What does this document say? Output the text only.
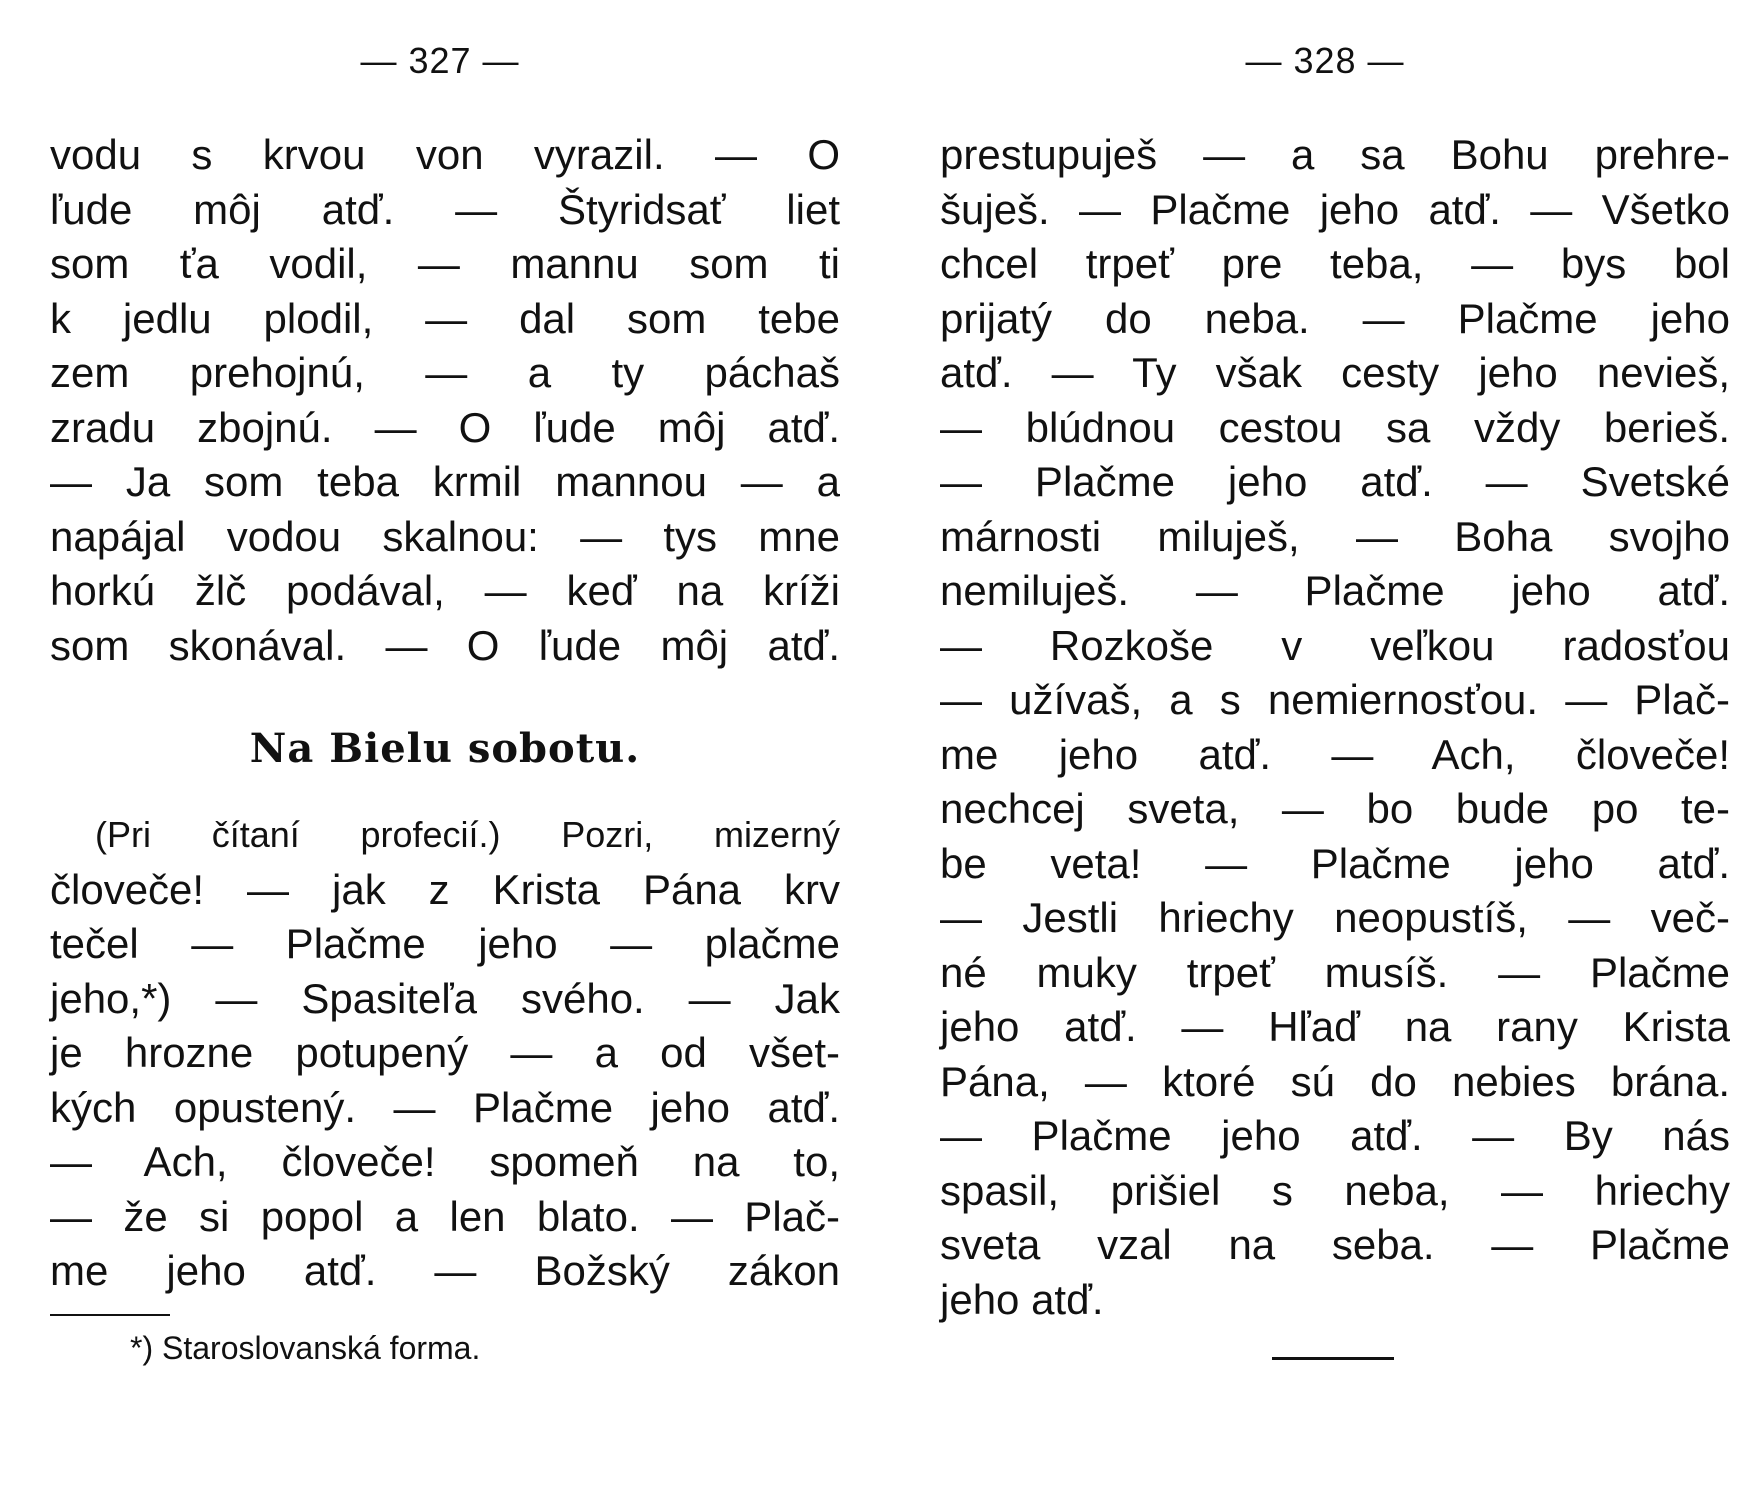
— 327 —
vodu s krvou von vyrazil. — O
ľude môj atď. — Štyridsať liet
som ťa vodil, — mannu som ti
k jedlu plodil, — dal som tebe
zem prehojnú, — a ty páchaš
zradu zbojnú. — O ľude môj atď.
— Ja som teba krmil mannou — a
napájal vodou skalnou: — tys mne
horkú žlč podával, — keď na kríži
som skonával. — O ľude môj atď.
Na Bielu sobotu.
(Pri čítaní profecií.) Pozri, mizerný
človeče! — jak z Krista Pána krv
tečel — Plačme jeho — plačme
jeho,*) — Spasiteľa svého. — Jak
je hrozne potupený — a od všet-
kých opustený. — Plačme jeho atď.
— Ach, človeče! spomeň na to,
— že si popol a len blato. — Plač-
me jeho atď. — Božský zákon
*) Staroslovanská forma.
— 328 —
prestupuješ — a sa Bohu prehre-
šuješ. — Plačme jeho atď. — Všetko
chcel trpeť pre teba, — bys bol
prijatý do neba. — Plačme jeho
atď. — Ty však cesty jeho nevieš,
— blúdnou cestou sa vždy berieš.
— Plačme jeho atď. — Svetské
márnosti miluješ, — Boha svojho
nemiluješ. — Plačme jeho atď.
— Rozkoše v veľkou radosťou
— užívaš, a s nemiernosťou. — Plač-
me jeho atď. — Ach, človeče!
nechcej sveta, — bo bude po te-
be veta! — Plačme jeho atď.
— Jestli hriechy neopustíš, — več-
né muky trpeť musíš. — Plačme
jeho atď. — Hľaď na rany Krista
Pána, — ktoré sú do nebies brána.
— Plačme jeho atď. — By nás
spasil, prišiel s neba, — hriechy
sveta vzal na seba. — Plačme
jeho atď.
